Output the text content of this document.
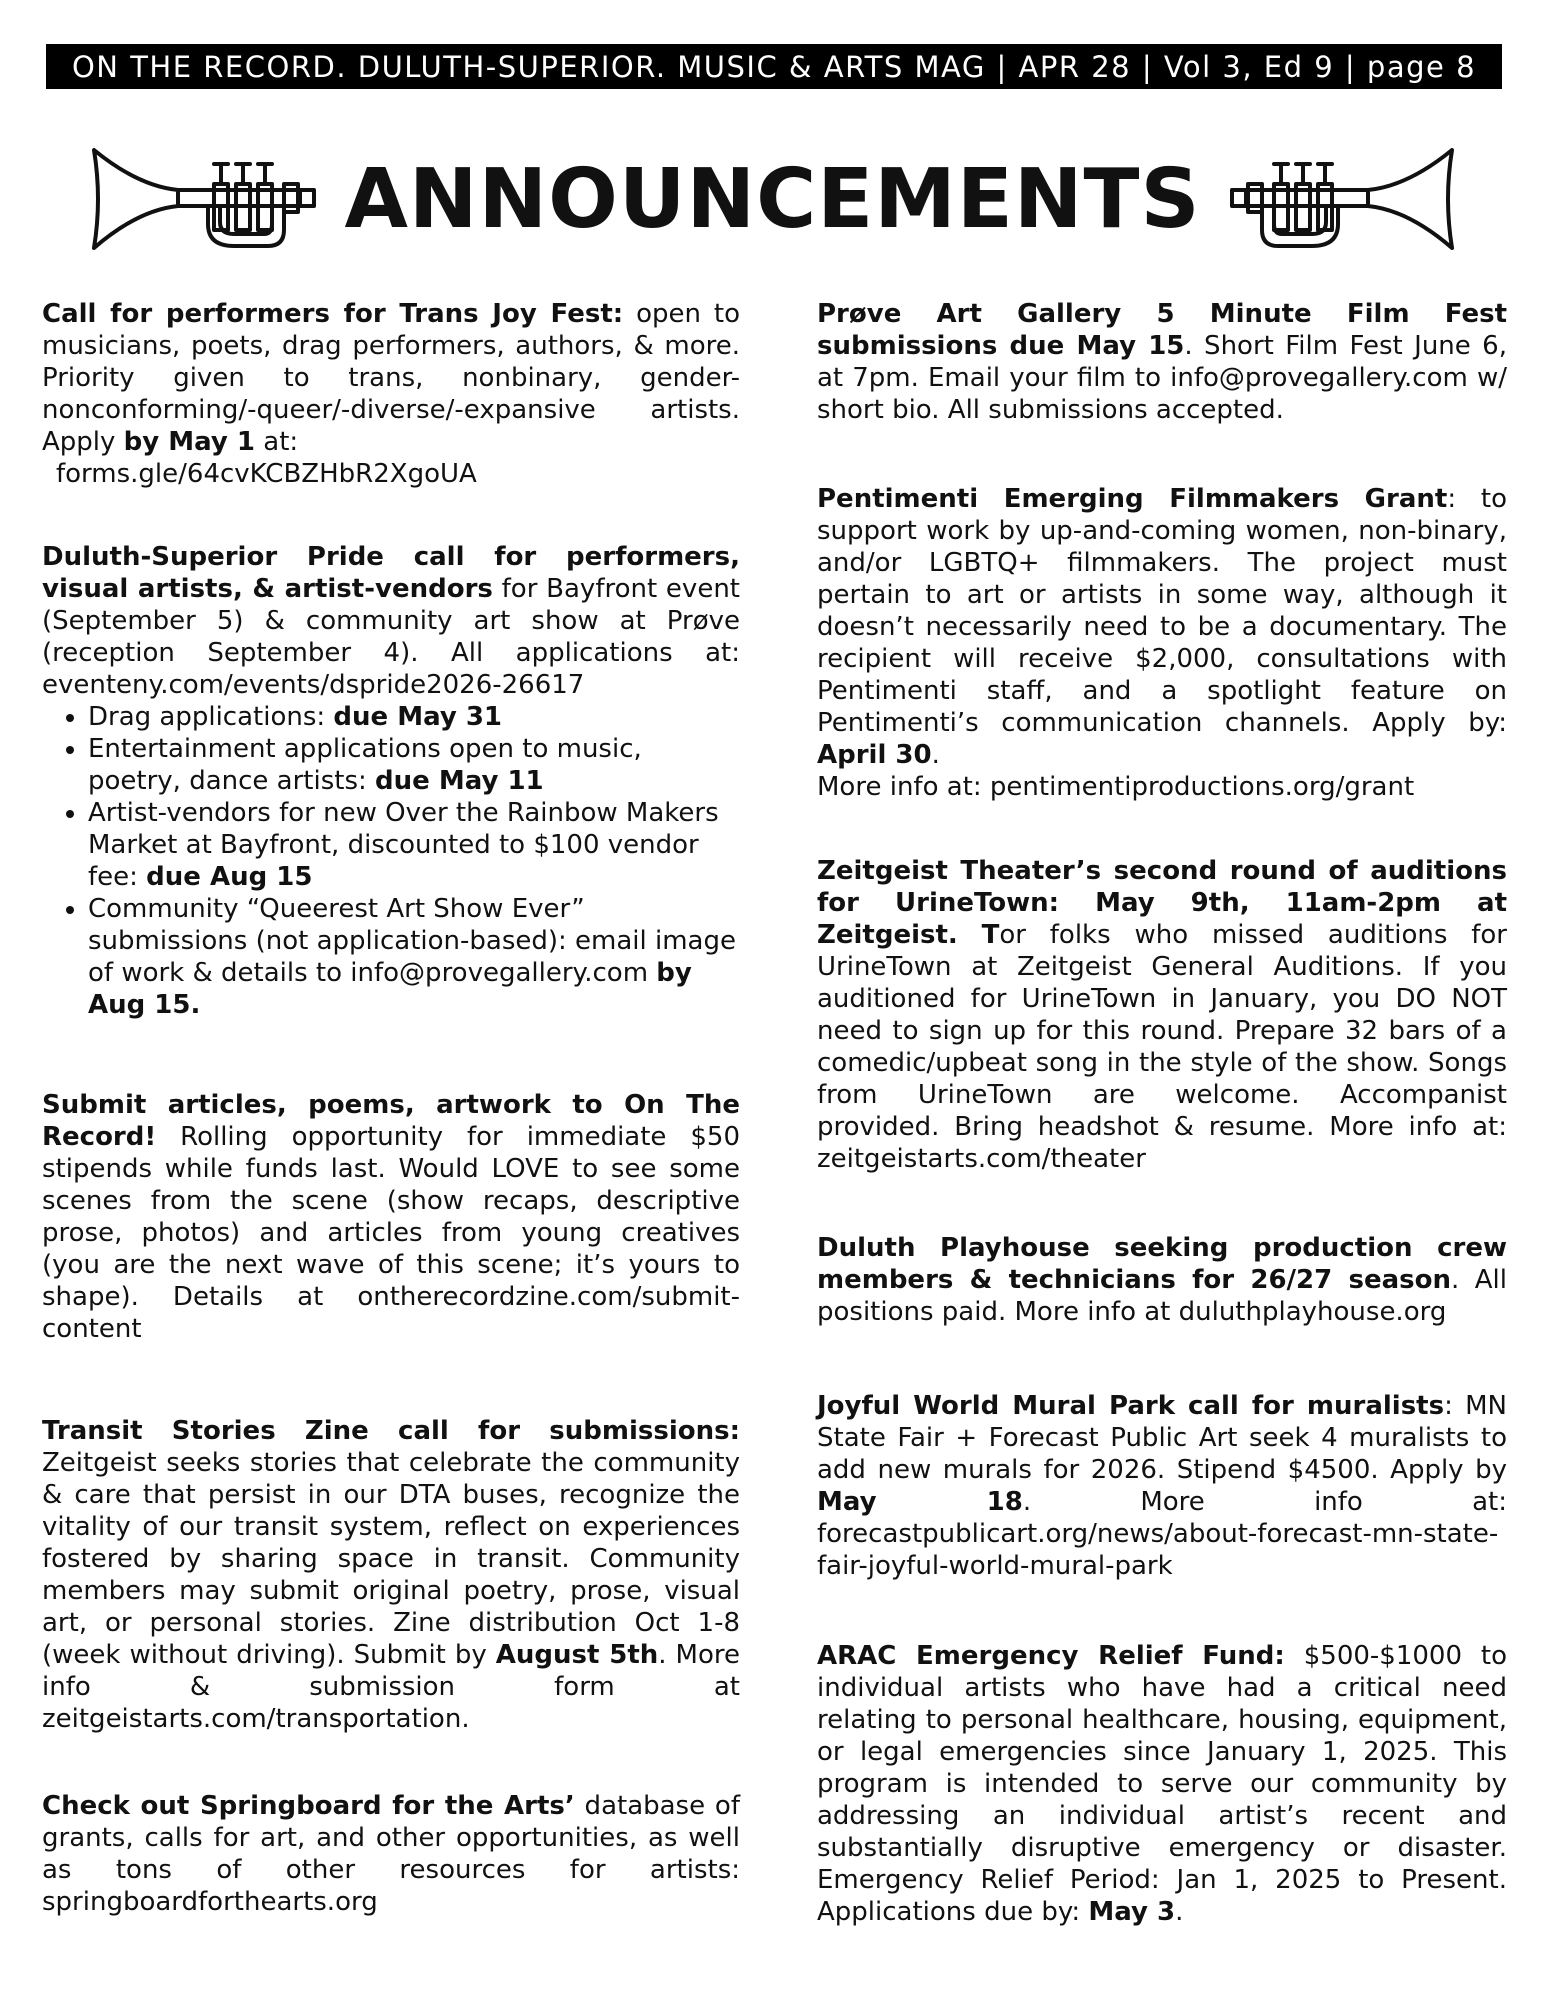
ON THE RECORD. DULUTH-SUPERIOR. MUSIC & ARTS MAG | APR 28 | Vol 3, Ed 9 | page 8
ANNOUNCEMENTS

Call for performers for Trans Joy Fest: open to musicians, poets, drag performers, authors, & more. Priority given to trans, nonbinary, gender-nonconforming/-queer/-diverse/-expansive artists. Apply by May 1 at:
forms.gle/64cvKCBZHbR2XgoUA

Duluth-Superior Pride call for performers, visual artists, & artist-vendors for Bayfront event (September 5) & community art show at Prøve (reception September 4). All applications at: eventeny.com/events/dspride2026-26617

• Drag applications: due May 31
• Entertainment applications open to music, poetry, dance artists: due May 11
• Artist-vendors for new Over the Rainbow Makers Market at Bayfront, discounted to $100 vendor fee: due Aug 15
• Community “Queerest Art Show Ever” submissions (not application-based): email image of work & details to info@provegallery.com by Aug 15.

Submit articles, poems, artwork to On The Record! Rolling opportunity for immediate $50 stipends while funds last. Would LOVE to see some scenes from the scene (show recaps, descriptive prose, photos) and articles from young creatives (you are the next wave of this scene; it’s yours to shape). Details at ontherecordzine.com/submit-content

Transit Stories Zine call for submissions: Zeitgeist seeks stories that celebrate the community & care that persist in our DTA buses, recognize the vitality of our transit system, reflect on experiences fostered by sharing space in transit. Community members may submit original poetry, prose, visual art, or personal stories. Zine distribution Oct 1-8 (week without driving). Submit by August 5th. More info & submission form at zeitgeistarts.com/transportation.

Check out Springboard for the Arts’ database of grants, calls for art, and other opportunities, as well as tons of other resources for artists: springboardforthearts.org

Prøve Art Gallery 5 Minute Film Fest submissions due May 15. Short Film Fest June 6, at 7pm. Email your film to info@provegallery.com w/ short bio. All submissions accepted.

Pentimenti Emerging Filmmakers Grant: to support work by up-and-coming women, non-binary, and/or LGBTQ+ filmmakers. The project must pertain to art or artists in some way, although it doesn’t necessarily need to be a documentary. The recipient will receive $2,000, consultations with Pentimenti staff, and a spotlight feature on Pentimenti’s communication channels. Apply by: April 30.

More info at: pentimentiproductions.org/grant

Zeitgeist Theater’s second round of auditions for UrineTown: May 9th, 11am-2pm at Zeitgeist. Tor folks who missed auditions for UrineTown at Zeitgeist General Auditions. If you auditioned for UrineTown in January, you DO NOT need to sign up for this round. Prepare 32 bars of a comedic/upbeat song in the style of the show. Songs from UrineTown are welcome. Accompanist provided. Bring headshot & resume. More info at: zeitgeistarts.com/theater

Duluth Playhouse seeking production crew members & technicians for 26/27 season. All positions paid. More info at duluthplayhouse.org

Joyful World Mural Park call for muralists: MN State Fair + Forecast Public Art seek 4 muralists to add new murals for 2026. Stipend $4500. Apply by May 18. More info at: forecastpublicart.org/news/about-forecast-mn-state-fair-joyful-world-mural-park

ARAC Emergency Relief Fund: $500-$1000 to individual artists who have had a critical need relating to personal healthcare, housing, equipment, or legal emergencies since January 1, 2025. This program is intended to serve our community by addressing an individual artist’s recent and substantially disruptive emergency or disaster. Emergency Relief Period: Jan 1, 2025 to Present. Applications due by: May 3.
